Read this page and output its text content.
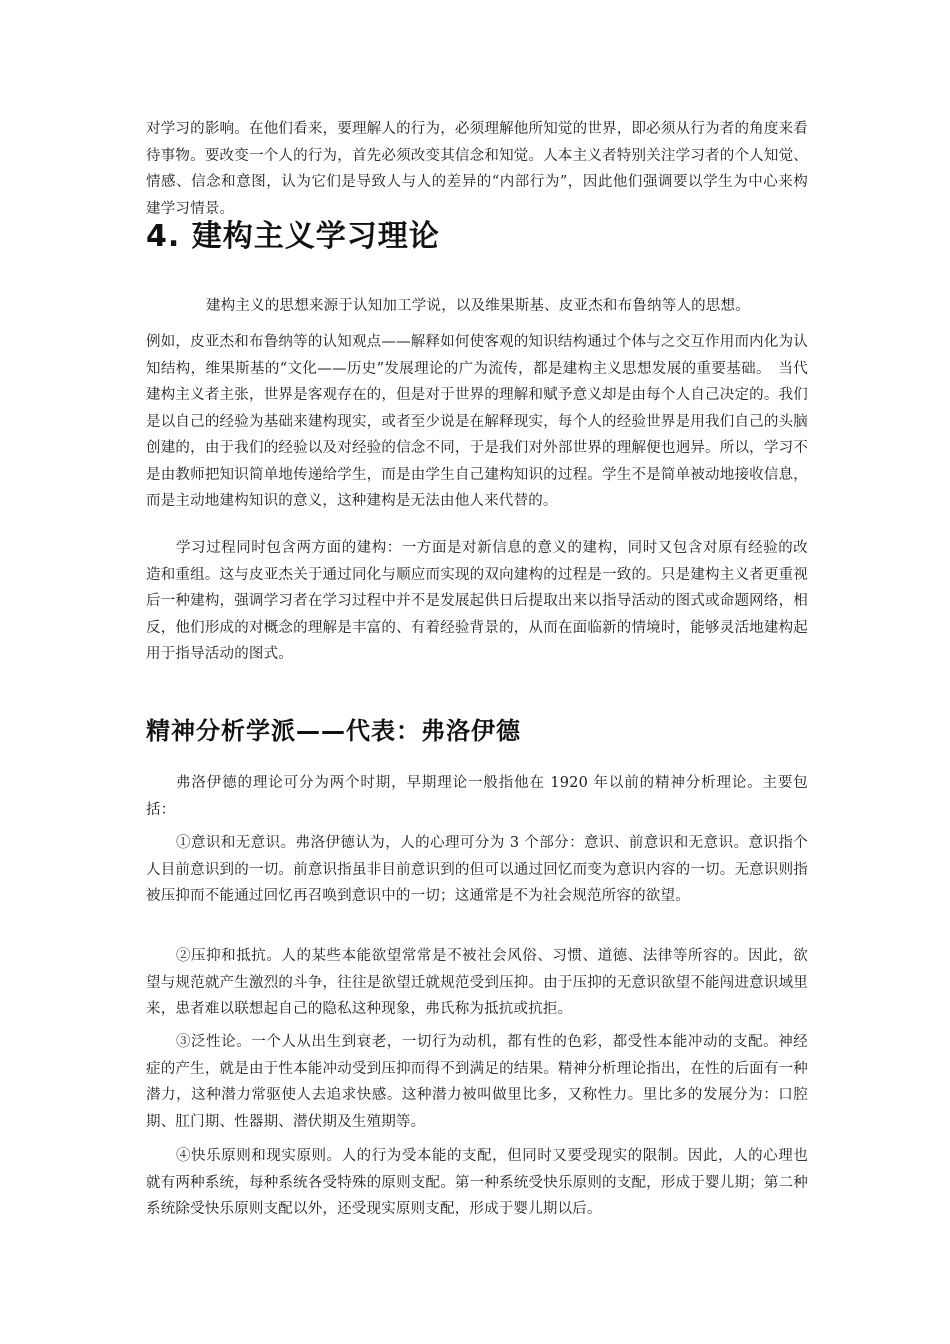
对学习的影响。在他们看来，要理解人的行为，必须理解他所知觉的世界，即必须从行为者的角度来看待事物。要改变一个人的行为，首先必须改变其信念和知觉。人本主义者特别关注学习者的个人知觉、情感、信念和意图，认为它们是导致人与人的差异的“内部行为”，因此他们强调要以学生为中心来构建学习情景。

4. 建构主义学习理论

建构主义的思想来源于认知加工学说，以及维果斯基、皮亚杰和布鲁纳等人的思想。

例如，皮亚杰和布鲁纳等的认知观点——解释如何使客观的知识结构通过个体与之交互作用而内化为认知结构，维果斯基的“文化——历史”发展理论的广为流传，都是建构主义思想发展的重要基础。　当代建构主义者主张，世界是客观存在的，但是对于世界的理解和赋予意义却是由每个人自己决定的。我们是以自己的经验为基础来建构现实，或者至少说是在解释现实，每个人的经验世界是用我们自己的头脑创建的，由于我们的经验以及对经验的信念不同，于是我们对外部世界的理解便也迥异。所以，学习不是由教师把知识简单地传递给学生，而是由学生自己建构知识的过程。学生不是简单被动地接收信息，而是主动地建构知识的意义，这种建构是无法由他人来代替的。

学习过程同时包含两方面的建构：一方面是对新信息的意义的建构，同时又包含对原有经验的改造和重组。这与皮亚杰关于通过同化与顺应而实现的双向建构的过程是一致的。只是建构主义者更重视后一种建构，强调学习者在学习过程中并不是发展起供日后提取出来以指导活动的图式或命题网络，相反，他们形成的对概念的理解是丰富的、有着经验背景的，从而在面临新的情境时，能够灵活地建构起用于指导活动的图式。

精神分析学派——代表：弗洛伊德

弗洛伊德的理论可分为两个时期，早期理论一般指他在 1920 年以前的精神分析理论。主要包括：

①意识和无意识。弗洛伊德认为，人的心理可分为 3 个部分：意识、前意识和无意识。意识指个人目前意识到的一切。前意识指虽非目前意识到的但可以通过回忆而变为意识内容的一切。无意识则指被压抑而不能通过回忆再召唤到意识中的一切；这通常是不为社会规范所容的欲望。

②压抑和抵抗。人的某些本能欲望常常是不被社会风俗、习惯、道德、法律等所容的。因此，欲望与规范就产生激烈的斗争，往往是欲望迁就规范受到压抑。由于压抑的无意识欲望不能闯进意识域里来，患者难以联想起自己的隐私这种现象，弗氏称为抵抗或抗拒。

③泛性论。一个人从出生到衰老，一切行为动机，都有性的色彩，都受性本能冲动的支配。神经症的产生，就是由于性本能冲动受到压抑而得不到满足的结果。精神分析理论指出，在性的后面有一种潜力，这种潜力常驱使人去追求快感。这种潜力被叫做里比多，又称性力。里比多的发展分为：口腔期、肛门期、性器期、潜伏期及生殖期等。

④快乐原则和现实原则。人的行为受本能的支配，但同时又要受现实的限制。因此，人的心理也就有两种系统，每种系统各受特殊的原则支配。第一种系统受快乐原则的支配，形成于婴儿期；第二种系统除受快乐原则支配以外，还受现实原则支配，形成于婴儿期以后。
